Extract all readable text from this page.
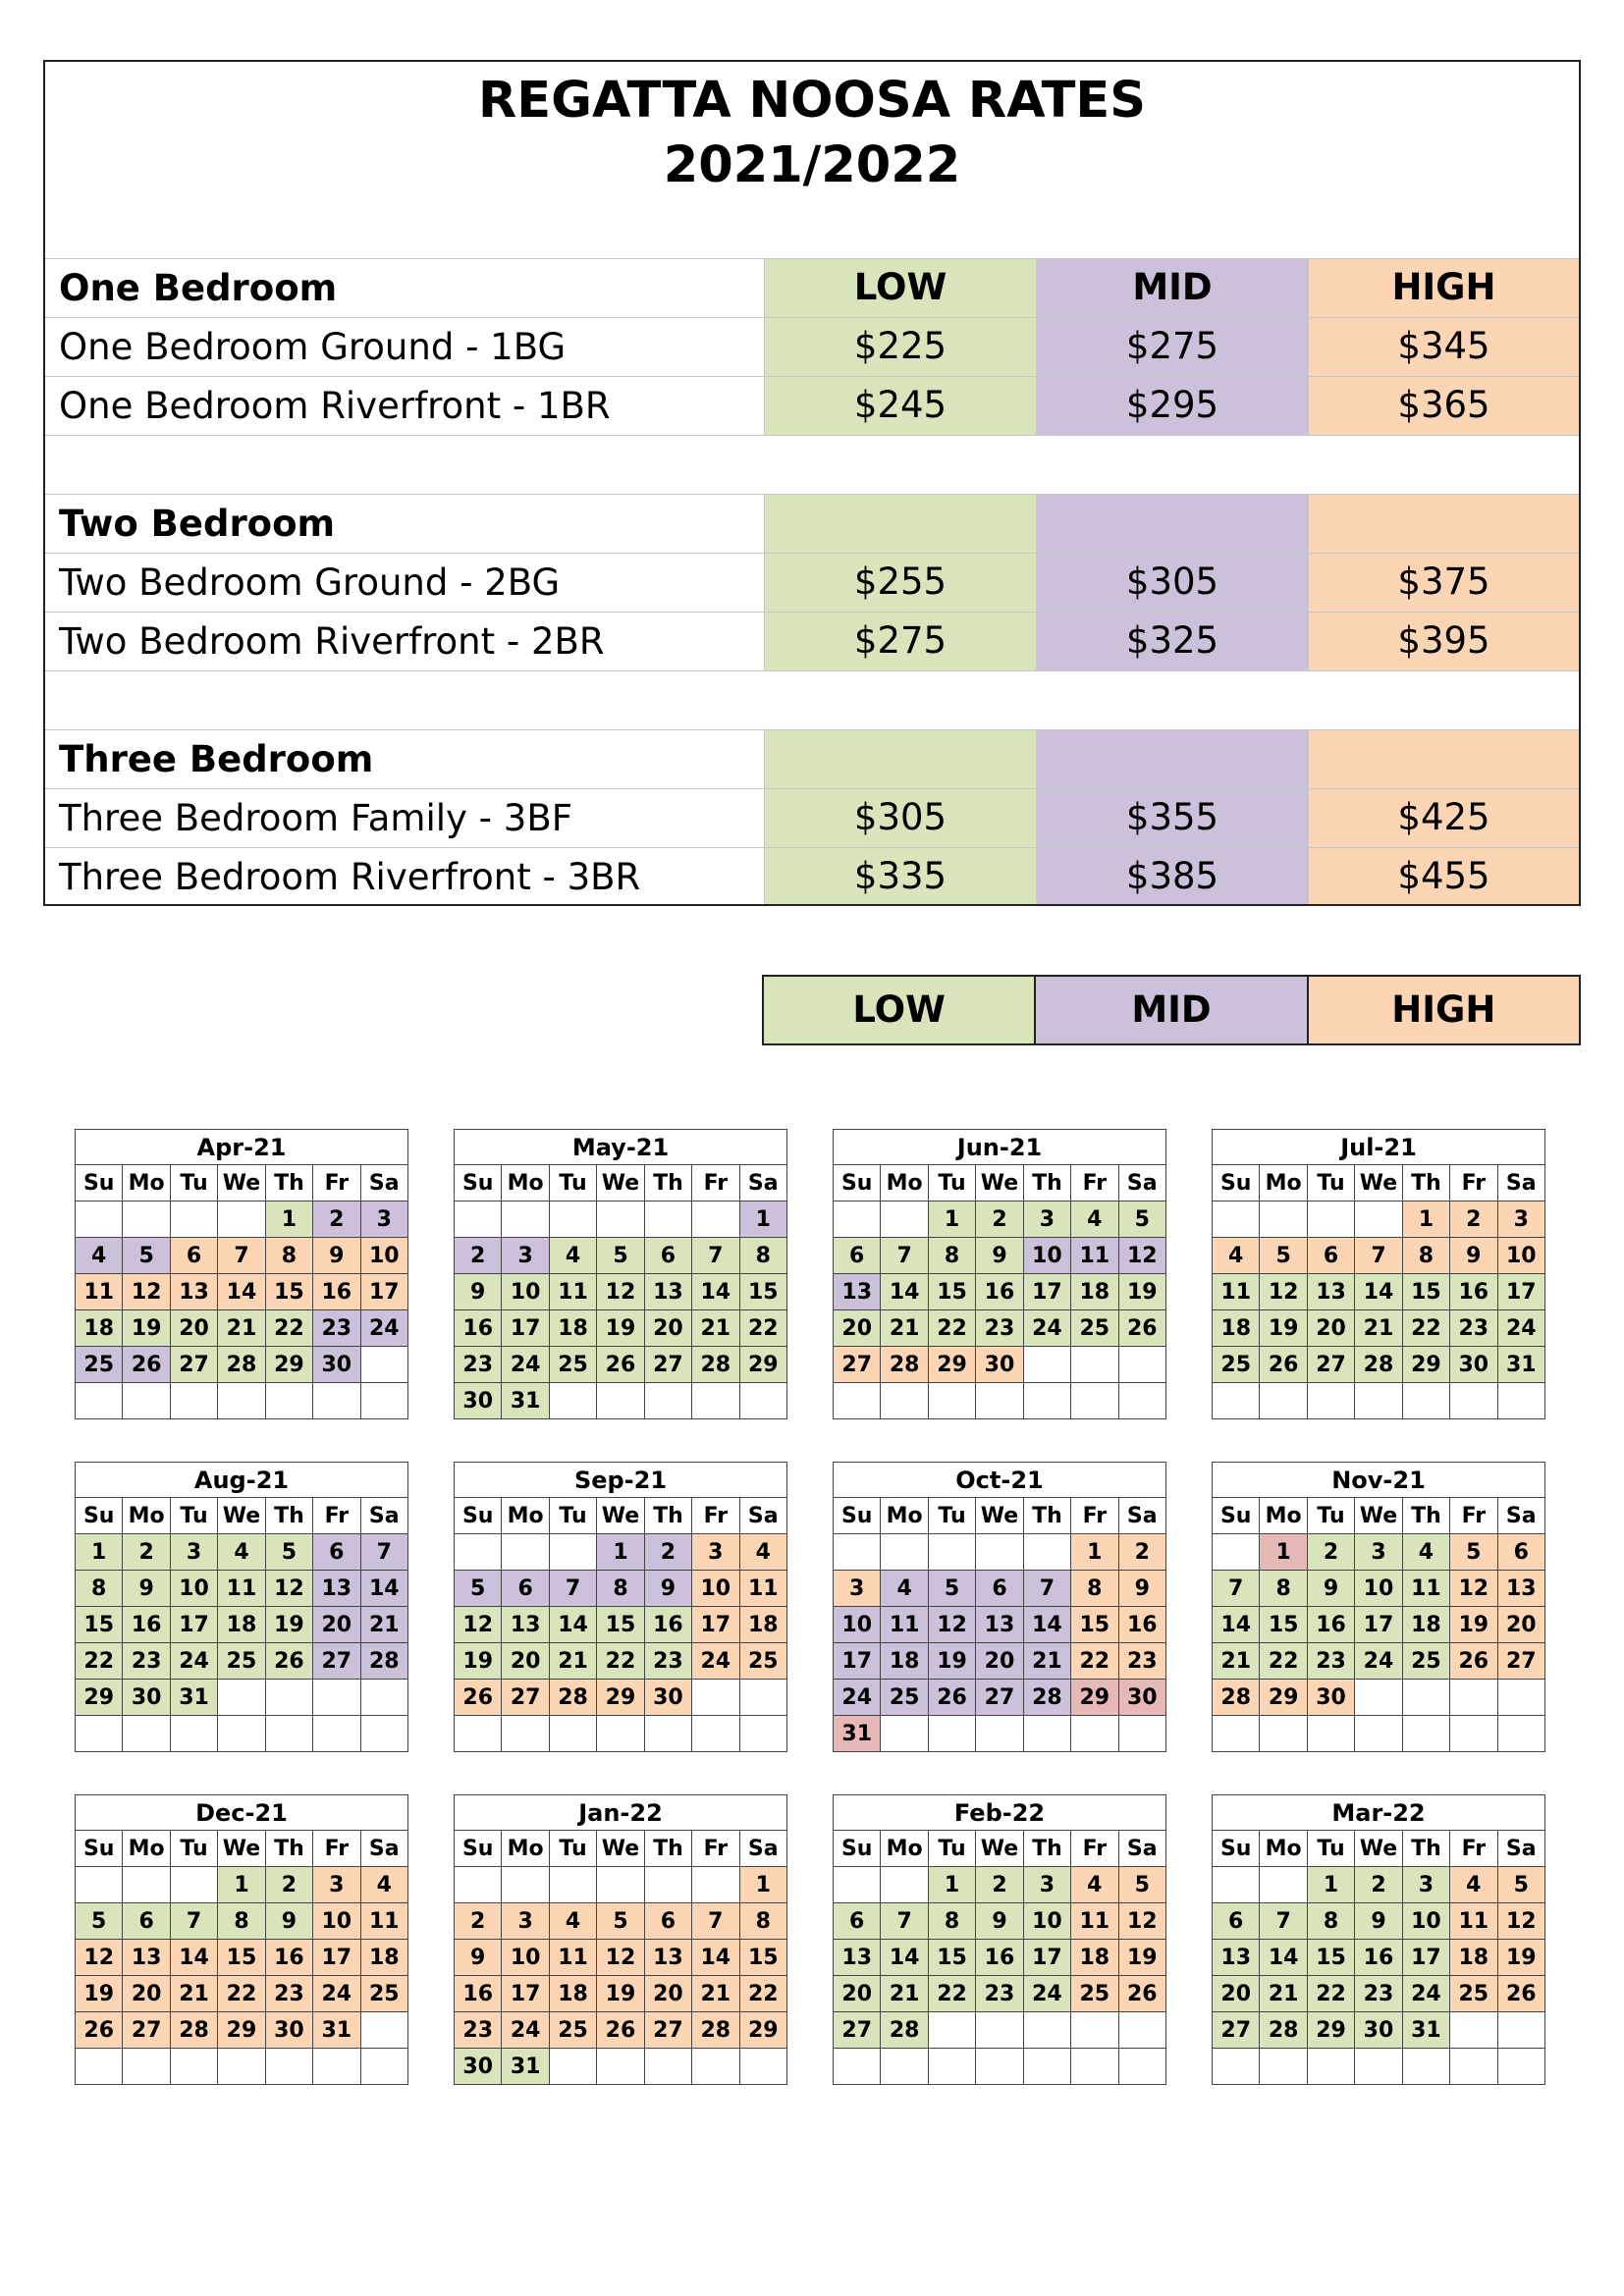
REGATTA NOOSA RATES
2021/2022
One Bedroom	LOW	MID	HIGH
One Bedroom Ground - 1BG	$225	$275	$345
One Bedroom Riverfront - 1BR	$245	$295	$365
Two Bedroom
Two Bedroom Ground - 2BG	$255	$305	$375
Two Bedroom Riverfront - 2BR	$275	$325	$395
Three Bedroom
Three Bedroom Family - 3BF	$305	$355	$425
Three Bedroom Riverfront - 3BR	$335	$385	$455
LOW	MID	HIGH
Apr-21
Su	Mo	Tu	We	Th	Fr	Sa
				1	2	3
4	5	6	7	8	9	10
11	12	13	14	15	16	17
18	19	20	21	22	23	24
25	26	27	28	29	30	

May-21
Su	Mo	Tu	We	Th	Fr	Sa
						1
2	3	4	5	6	7	8
9	10	11	12	13	14	15
16	17	18	19	20	21	22
23	24	25	26	27	28	29
30	31					
Jun-21
Su	Mo	Tu	We	Th	Fr	Sa
		1	2	3	4	5
6	7	8	9	10	11	12
13	14	15	16	17	18	19
20	21	22	23	24	25	26
27	28	29	30			

Jul-21
Su	Mo	Tu	We	Th	Fr	Sa
				1	2	3
4	5	6	7	8	9	10
11	12	13	14	15	16	17
18	19	20	21	22	23	24
25	26	27	28	29	30	31

Aug-21
Su	Mo	Tu	We	Th	Fr	Sa
1	2	3	4	5	6	7
8	9	10	11	12	13	14
15	16	17	18	19	20	21
22	23	24	25	26	27	28
29	30	31				

Sep-21
Su	Mo	Tu	We	Th	Fr	Sa
			1	2	3	4
5	6	7	8	9	10	11
12	13	14	15	16	17	18
19	20	21	22	23	24	25
26	27	28	29	30		

Oct-21
Su	Mo	Tu	We	Th	Fr	Sa
					1	2
3	4	5	6	7	8	9
10	11	12	13	14	15	16
17	18	19	20	21	22	23
24	25	26	27	28	29	30
31						
Nov-21
Su	Mo	Tu	We	Th	Fr	Sa
	1	2	3	4	5	6
7	8	9	10	11	12	13
14	15	16	17	18	19	20
21	22	23	24	25	26	27
28	29	30				

Dec-21
Su	Mo	Tu	We	Th	Fr	Sa
			1	2	3	4
5	6	7	8	9	10	11
12	13	14	15	16	17	18
19	20	21	22	23	24	25
26	27	28	29	30	31	

Jan-22
Su	Mo	Tu	We	Th	Fr	Sa
						1
2	3	4	5	6	7	8
9	10	11	12	13	14	15
16	17	18	19	20	21	22
23	24	25	26	27	28	29
30	31					
Feb-22
Su	Mo	Tu	We	Th	Fr	Sa
		1	2	3	4	5
6	7	8	9	10	11	12
13	14	15	16	17	18	19
20	21	22	23	24	25	26
27	28					

Mar-22
Su	Mo	Tu	We	Th	Fr	Sa
		1	2	3	4	5
6	7	8	9	10	11	12
13	14	15	16	17	18	19
20	21	22	23	24	25	26
27	28	29	30	31		
